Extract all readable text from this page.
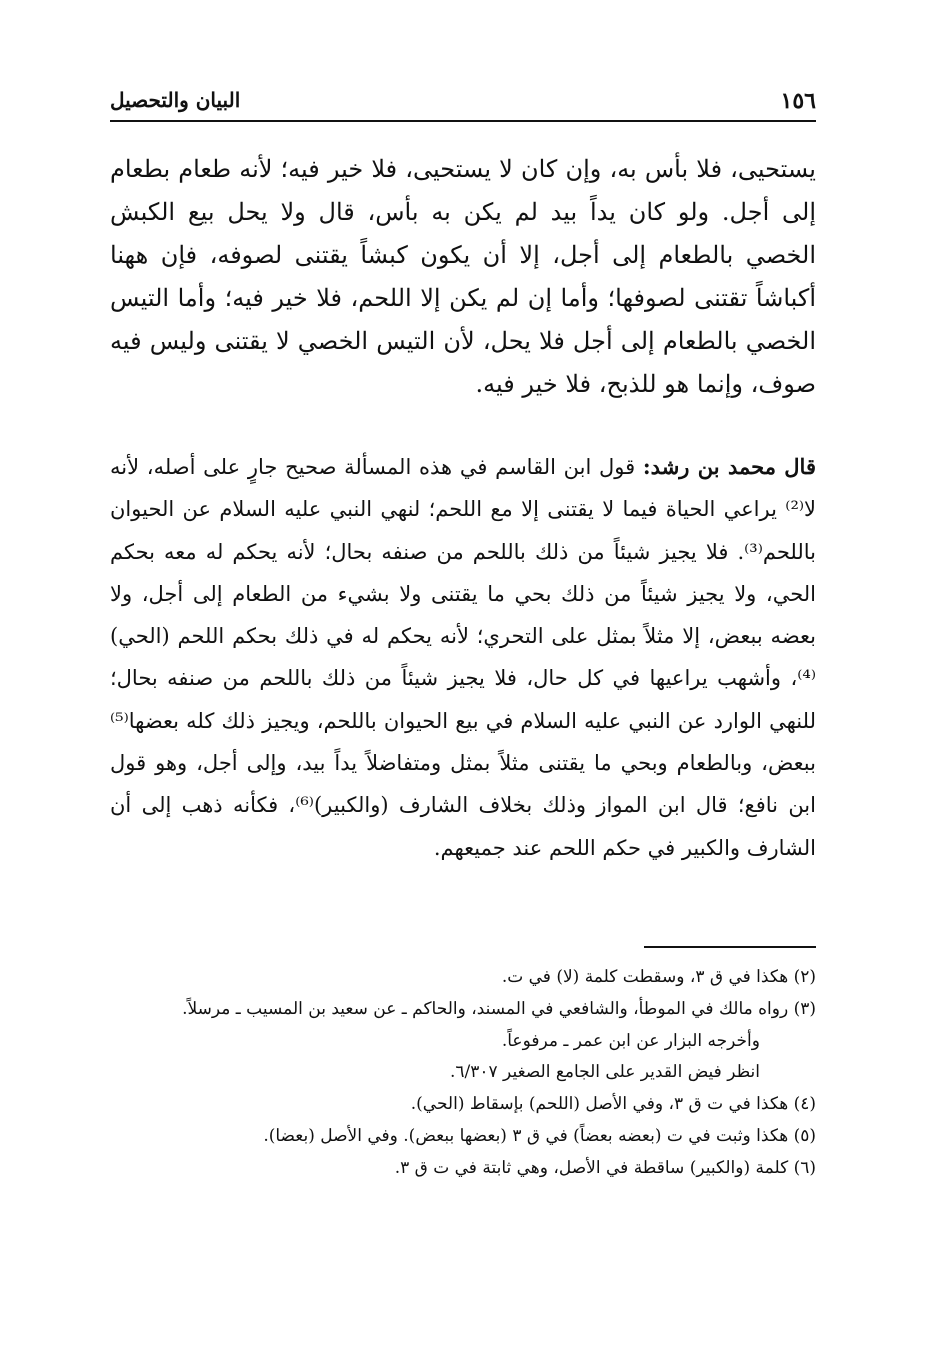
١٥٦
البيان والتحصيل

يستحيى، فلا بأس به، وإن كان لا يستحيى، فلا خير فيه؛ لأنه طعام بطعام إلى أجل. ولو كان يداً بيد لم يكن به بأس، قال ولا يحل بيع الكبش الخصي بالطعام إلى أجل، إلا أن يكون كبشاً يقتنى لصوفه، فإن ههنا أكباشاً تقتنى لصوفها؛ وأما إن لم يكن إلا اللحم، فلا خير فيه؛ وأما التيس الخصي بالطعام إلى أجل فلا يحل، لأن التيس الخصي لا يقتنى وليس فيه صوف، وإنما هو للذبح، فلا خير فيه.

قال محمد بن رشد: قول ابن القاسم في هذه المسألة صحيح جارٍ على أصله، لأنه لا⁽²⁾ يراعي الحياة فيما لا يقتنى إلا مع اللحم؛ لنهي النبي عليه السلام عن الحيوان باللحم⁽³⁾. فلا يجيز شيئاً من ذلك باللحم من صنفه بحال؛ لأنه يحكم له معه بحكم الحي، ولا يجيز شيئاً من ذلك بحي ما يقتنى ولا بشيء من الطعام إلى أجل، ولا بعضه ببعض، إلا مثلاً بمثل على التحري؛ لأنه يحكم له في ذلك بحكم اللحم (الحي)⁽⁴⁾، وأشهب يراعيها في كل حال، فلا يجيز شيئاً من ذلك باللحم من صنفه بحال؛ للنهي الوارد عن النبي عليه السلام في بيع الحيوان باللحم، ويجيز ذلك كله بعضها⁽⁵⁾ ببعض، وبالطعام وبحي ما يقتنى مثلاً بمثل ومتفاضلاً يداً بيد، وإلى أجل، وهو قول ابن نافع؛ قال ابن المواز وذلك بخلاف الشارف (والكبير)⁽⁶⁾، فكأنه ذهب إلى أن الشارف والكبير في حكم اللحم عند جميعهم.

(٢) هكذا في ق ٣، وسقطت كلمة (لا) في ت.

(٣) رواه مالك في الموطأ، والشافعي في المسند، والحاكم ـ عن سعيد بن المسيب ـ مرسلاً.

وأخرجه البزار عن ابن عمر ـ مرفوعاً.

انظر فيض القدير على الجامع الصغير ٦/٣٠٧.

(٤) هكذا في ت ق ٣، وفي الأصل (اللحم) بإسقاط (الحي).

(٥) هكذا وثبت في ت (بعضه بعضاً) في ق ٣ (بعضها ببعض). وفي الأصل (بعضا).

(٦) كلمة (والكبير) ساقطة في الأصل، وهي ثابتة في ت ق ٣.
